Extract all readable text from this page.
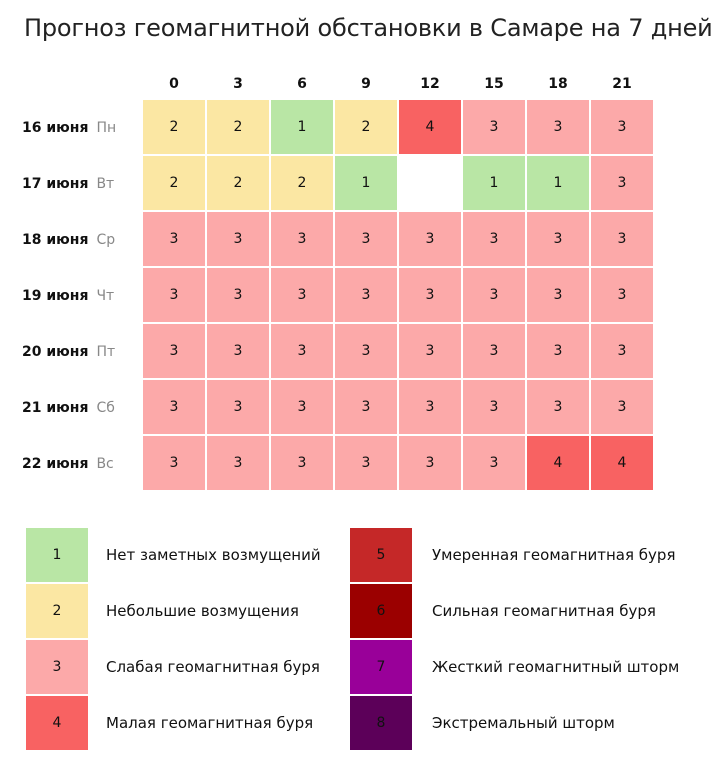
Прогноз геомагнитной обстановки в Самаре на 7 дней
0	3	6	9	12	15	18	21
16 июня Пн	2	2	1	2	4	3	3	3
17 июня Вт	2	2	2	1	0	1	1	3
18 июня Ср	3	3	3	3	3	3	3	3
19 июня Чт	3	3	3	3	3	3	3	3
20 июня Пт	3	3	3	3	3	3	3	3
21 июня Сб	3	3	3	3	3	3	3	3
22 июня Вс	3	3	3	3	3	3	4	4
1	Нет заметных возмущений
2	Небольшие возмущения
3	Слабая геомагнитная буря
4	Малая геомагнитная буря
5	Умеренная геомагнитная буря
6	Сильная геомагнитная буря
7	Жесткий геомагнитный шторм
8	Экстремальный шторм
